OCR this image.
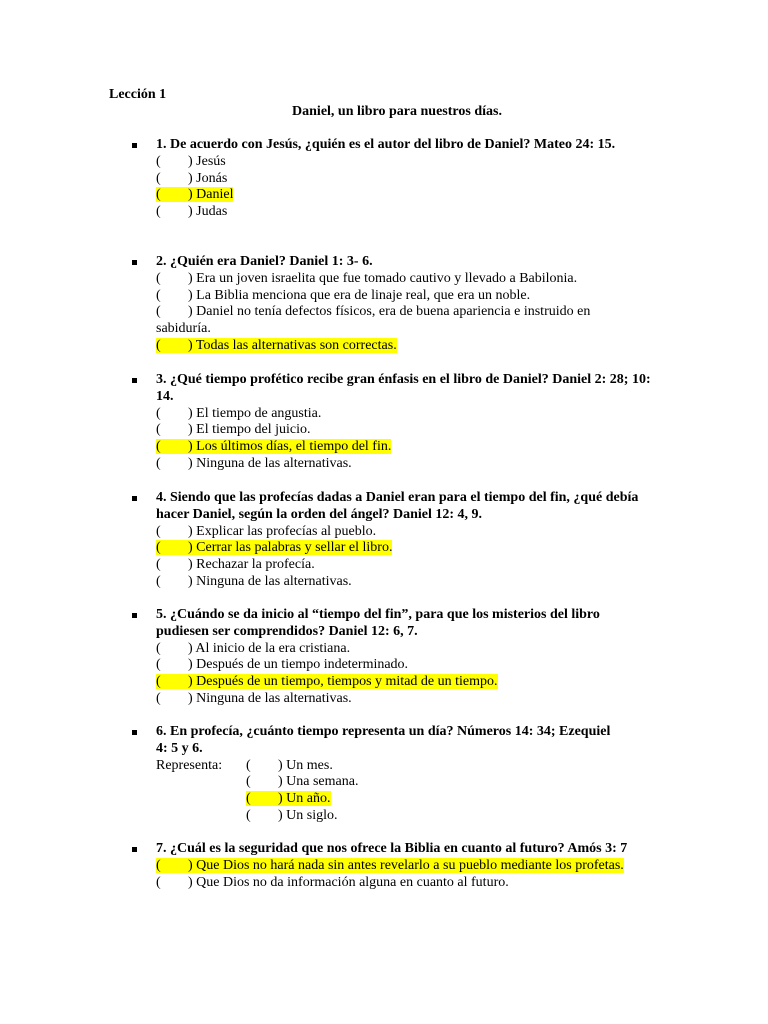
Lección 1
Daniel, un libro para nuestros días.

1. De acuerdo con Jesús, ¿quién es el autor del libro de Daniel? Mateo 24: 15.

( ) Jesús

( ) Jonás

( ) Daniel

( ) Judas

2. ¿Quién era Daniel? Daniel 1: 3- 6.

( ) Era un joven israelita que fue tomado cautivo y llevado a Babilonia.

( ) La Biblia menciona que era de linaje real, que era un noble.

( ) Daniel no tenía defectos físicos, era de buena apariencia e instruido en sabiduría.

( ) Todas las alternativas son correctas.

3. ¿Qué tiempo profético recibe gran énfasis en el libro de Daniel? Daniel 2: 28; 10: 14.

( ) El tiempo de angustia.

( ) El tiempo del juicio.

( ) Los últimos días, el tiempo del fin.

( ) Ninguna de las alternativas.

4. Siendo que las profecías dadas a Daniel eran para el tiempo del fin, ¿qué debía hacer Daniel, según la orden del ángel? Daniel 12: 4, 9.

( ) Explicar las profecías al pueblo.

( ) Cerrar las palabras y sellar el libro.

( ) Rechazar la profecía.

( ) Ninguna de las alternativas.

5. ¿Cuándo se da inicio al “tiempo del fin”, para que los misterios del libro pudiesen ser comprendidos? Daniel 12: 6, 7.

( ) Al inicio de la era cristiana.

( ) Después de un tiempo indeterminado.

( ) Después de un tiempo, tiempos y mitad de un tiempo.

( ) Ninguna de las alternativas.

6. En profecía, ¿cuánto tiempo representa un día? Números 14: 34; Ezequiel 4: 5 y 6.

Representa: ( ) Un mes.

( ) Una semana.

( ) Un año.

( ) Un siglo.

7. ¿Cuál es la seguridad que nos ofrece la Biblia en cuanto al futuro? Amós 3: 7

( ) Que Dios no hará nada sin antes revelarlo a su pueblo mediante los profetas.

( ) Que Dios no da información alguna en cuanto al futuro.
